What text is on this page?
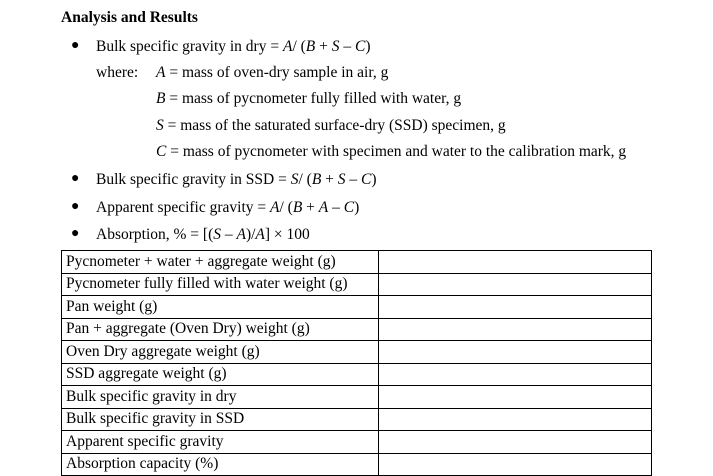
Analysis and Results
● Bulk specific gravity in dry = A/ (B + S – C)
where: A = mass of oven-dry sample in air, g
B = mass of pycnometer fully filled with water, g
S = mass of the saturated surface-dry (SSD) specimen, g
C = mass of pycnometer with specimen and water to the calibration mark, g
● Bulk specific gravity in SSD = S/ (B + S – C)
● Apparent specific gravity = A/ (B + A – C)
● Absorption, % = [(S – A)/A] × 100
Pycnometer + water + aggregate weight (g)	
Pycnometer fully filled with water weight (g)	
Pan weight (g)	
Pan + aggregate (Oven Dry) weight (g)	
Oven Dry aggregate weight (g)	
SSD aggregate weight (g)	
Bulk specific gravity in dry	
Bulk specific gravity in SSD	
Apparent specific gravity	
Absorption capacity (%)	
